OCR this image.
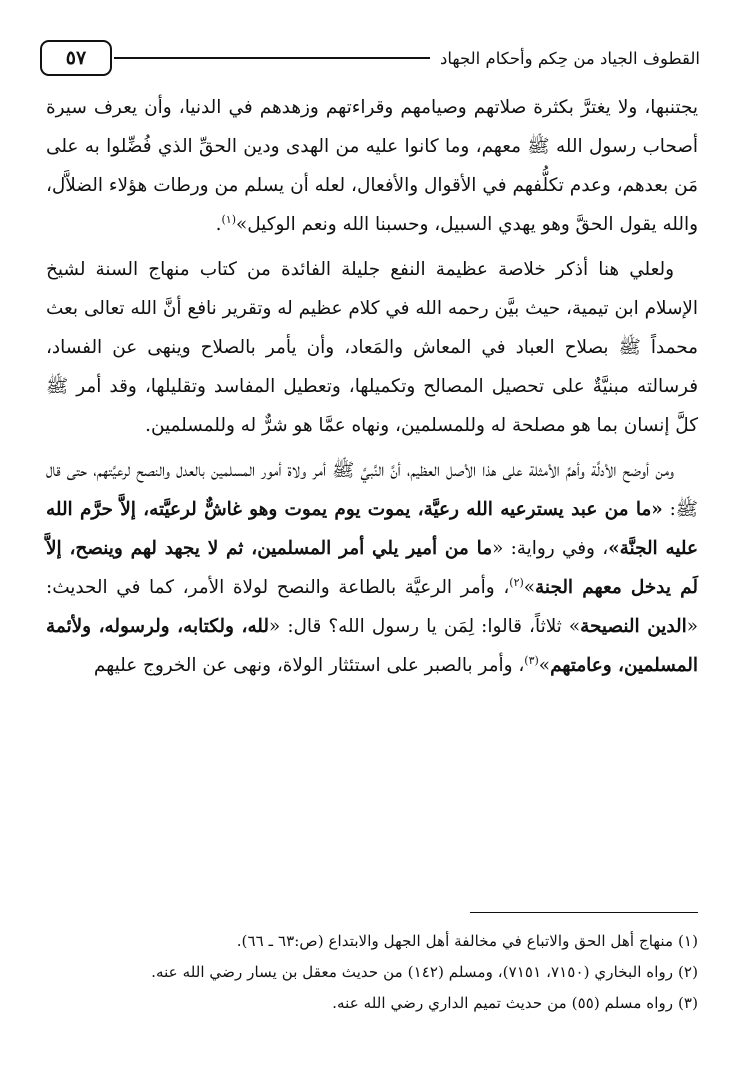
القطوف الجياد من حِكم وأحكام الجهاد
٥٧

يجتنبها، ولا يغترَّ بكثرة صلاتهم وصيامهم وقراءتهم وزهدهم في الدنيا، وأن يعرف سيرة أصحاب رسول الله ﷺ معهم، وما كانوا عليه من الهدى ودين الحقِّ الذي فُضِّلوا به على مَن بعدهم، وعدم تكلُّفهم في الأقوال والأفعال، لعله أن يسلم من ورطات هؤلاء الضلاَّل، والله يقول الحقَّ وهو يهدي السبيل، وحسبنا الله ونعم الوكيل»$^{(١)}$.

ولعلي هنا أذكر خلاصة عظيمة النفع جليلة الفائدة من كتاب منهاج السنة لشيخ الإسلام ابن تيمية، حيث بيَّن رحمه الله في كلام عظيم له وتقرير نافع أنَّ الله تعالى بعث محمداً ﷺ بصلاح العباد في المعاش والمَعاد، وأن يأمر بالصلاح وينهى عن الفساد، فرسالته مبنيَّةٌ على تحصيل المصالح وتكميلها، وتعطيل المفاسد وتقليلها، وقد أمر ﷺ كلَّ إنسان بما هو مصلحة له وللمسلمين، ونهاه عمَّا هو شرٌّ له وللمسلمين.

ومن أوضح الأدلَّة وأهمِّ الأمثلة على هذا الأصل العظيم، أنَّ النَّبيَّ ﷺ أمر ولاة أمور المسلمين بالعدل والنصح لرعيَّتهم، حتى قال ﷺ: «ما من عبد يسترعيه الله رعيَّة، يموت يوم يموت وهو غاشٌّ لرعيَّته، إلاَّ حرَّم الله عليه الجنَّة»، وفي رواية: «ما من أمير يلي أمر المسلمين، ثم لا يجهد لهم وينصح، إلاَّ لَم يدخل معهم الجنة»$^{(٢)}$، وأمر الرعيَّة بالطاعة والنصح لولاة الأمر، كما في الحديث: «الدين النصيحة» ثلاثاً، قالوا: لِمَن يا رسول الله؟ قال: «لله، ولكتابه، ولرسوله، ولأئمة المسلمين، وعامتهم»$^{(٣)}$، وأمر بالصبر على استئثار الولاة، ونهى عن الخروج عليهم

(١) منهاج أهل الحق والاتباع في مخالفة أهل الجهل والابتداع (ص:٦٣ ـ ٦٦).
(٢) رواه البخاري (٧١٥٠، ٧١٥١)، ومسلم (١٤٢) من حديث معقل بن يسار رضي الله عنه.
(٣) رواه مسلم (٥٥) من حديث تميم الداري رضي الله عنه.
